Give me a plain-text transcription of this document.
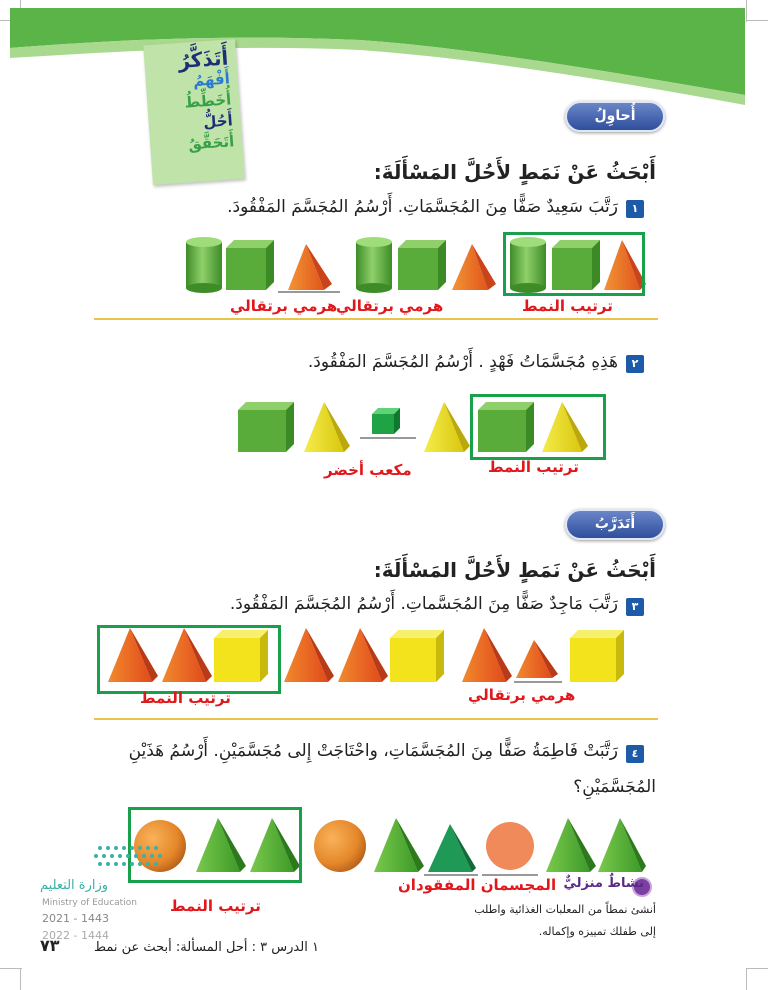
أَتَذَكَّرُ
أَفْهَمُ
أُخَطِّطُ
أَحُلُّ
أَتَحَقَّقُ
أُحاوِلُ
أَبْحَثُ عَنْ نَمَطٍ لأَحُلَّ المَسْأَلَةَ:
١
رَتَّبَ سَعِيدٌ صَفًّا مِنَ المُجَسَّمَاتِ. أَرْسُمُ المُجَسَّمَ المَفْقُودَ.
ترتيب النمط
هرمي برتقالي
هرمي برتقالي
٢
هَذِهِ مُجَسَّمَاتُ فَهْدٍ . أَرْسُمُ المُجَسَّمَ المَفْقُودَ.
ترتيب النمط
مكعب أخضر
أَتَدَرَّبُ
أَبْحَثُ عَنْ نَمَطٍ لأَحُلَّ المَسْأَلَةَ:
٣
رَتَّبَ مَاجِدٌ صَفًّا مِنَ المُجَسَّماتِ. أَرْسُمُ المُجَسَّمَ المَفْقُودَ.
ترتيب النمط	هرمي برتقالي
٤
رَتَّبَتْ فَاطِمَةُ صَفًّا مِنَ المُجَسَّمَاتِ، واحْتَاجَتْ إِلى مُجَسَّمَيْنِ. أَرْسُمُ هَذَيْنِ
المُجَسَّمَيْنِ؟
ترتيب النمط
المجسمان المفقودان نشاطٌ منزليٌّ
أنشئ نمطاً من المعلبات الغذائية واطلب
إلى طفلك تمييزه وإكماله.
وزارة التعليم
Ministry of Education
2021 - 1443
2022 - 1444
٧٣	١ الدرس ٣ : أحل المسألة: أبحث عن نمط
